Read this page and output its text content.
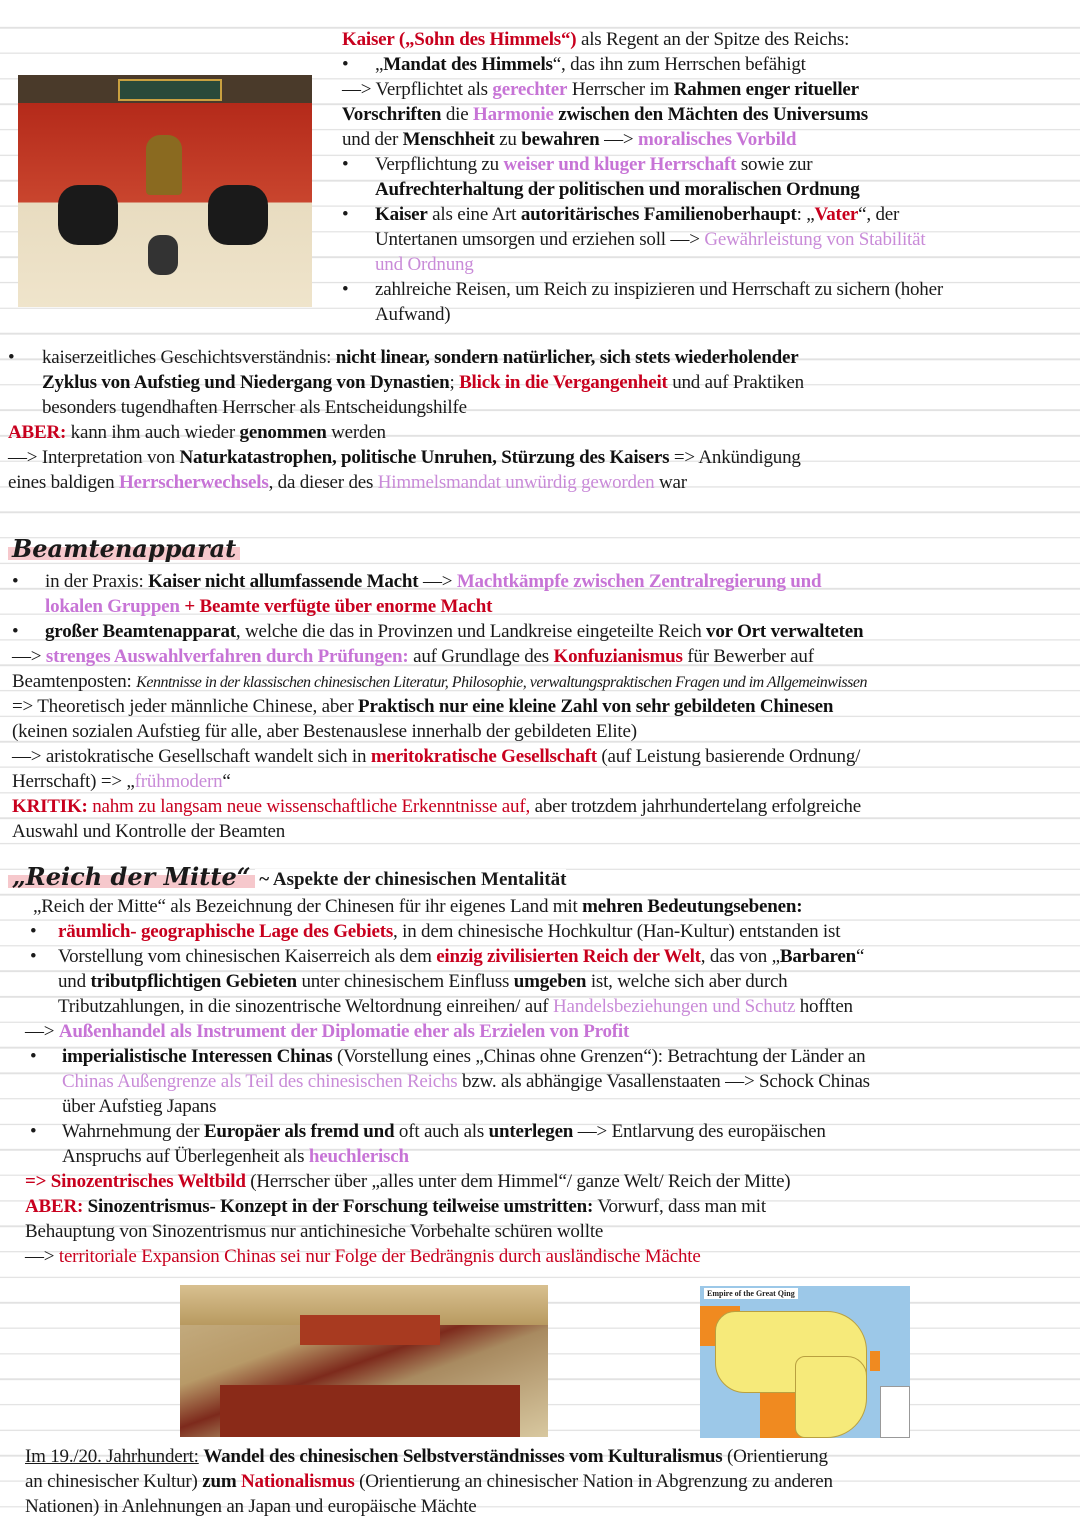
Beamtenapparat
„Reich der Mitte“ ~ Aspekte der chinesischen Mentalität
Empire of the Great Qing
Kaiser („Sohn des Himmels“) als Regent an der Spitze des Reichs:
• „Mandat des Himmels“, das ihn zum Herrschen befähigt
—> Verpflichtet als gerechter Herrscher im Rahmen enger ritueller
Vorschriften die Harmonie zwischen den Mächten des Universums
und der Menschheit zu bewahren —> moralisches Vorbild
• Verpflichtung zu weiser und kluger Herrschaft sowie zur
Aufrechterhaltung der politischen und moralischen Ordnung
• Kaiser als eine Art autoritärisches Familienoberhaupt: „Vater“, der
Untertanen umsorgen und erziehen soll —> Gewährleistung von Stabilität
und Ordnung
• zahlreiche Reisen, um Reich zu inspizieren und Herrschaft zu sichern (hoher
Aufwand)
• kaiserzeitliches Geschichtsverständnis: nicht linear, sondern natürlicher, sich stets wiederholender
Zyklus von Aufstieg und Niedergang von Dynastien; Blick in die Vergangenheit und auf Praktiken
besonders tugendhaften Herrscher als Entscheidungshilfe
ABER: kann ihm auch wieder genommen werden
—> Interpretation von Naturkatastrophen, politische Unruhen, Stürzung des Kaisers => Ankündigung
eines baldigen Herrscherwechsels, da dieser des Himmelsmandat unwürdig geworden war
• in der Praxis: Kaiser nicht allumfassende Macht —> Machtkämpfe zwischen Zentralregierung und
lokalen Gruppen + Beamte verfügte über enorme Macht
• großer Beamtenapparat, welche die das in Provinzen und Landkreise eingeteilte Reich vor Ort verwalteten
—> strenges Auswahlverfahren durch Prüfungen: auf Grundlage des Konfuzianismus für Bewerber auf
Beamtenposten: Kenntnisse in der klassischen chinesischen Literatur, Philosophie, verwaltungspraktischen Fragen und im Allgemeinwissen
=> Theoretisch jeder männliche Chinese, aber Praktisch nur eine kleine Zahl von sehr gebildeten Chinesen
(keinen sozialen Aufstieg für alle, aber Bestenauslese innerhalb der gebildeten Elite)
—> aristokratische Gesellschaft wandelt sich in meritokratische Gesellschaft (auf Leistung basierende Ordnung/
Herrschaft) => „frühmodern“
KRITIK: nahm zu langsam neue wissenschaftliche Erkenntnisse auf, aber trotzdem jahrhundertelang erfolgreiche
Auswahl und Kontrolle der Beamten
„Reich der Mitte“ als Bezeichnung der Chinesen für ihr eigenes Land mit mehren Bedeutungsebenen:
• räumlich- geographische Lage des Gebiets, in dem chinesische Hochkultur (Han-Kultur) entstanden ist
• Vorstellung vom chinesischen Kaiserreich als dem einzig zivilisierten Reich der Welt, das von „Barbaren“
und tributpflichtigen Gebieten unter chinesischem Einfluss umgeben ist, welche sich aber durch
Tributzahlungen, in die sinozentrische Weltordnung einreihen/ auf Handelsbeziehungen und Schutz hofften
—> Außenhandel als Instrument der Diplomatie eher als Erzielen von Profit
• imperialistische Interessen Chinas (Vorstellung eines „Chinas ohne Grenzen“): Betrachtung der Länder an
Chinas Außengrenze als Teil des chinesischen Reichs bzw. als abhängige Vasallenstaaten —> Schock Chinas
über Aufstieg Japans
• Wahrnehmung der Europäer als fremd und oft auch als unterlegen —> Entlarvung des europäischen
Anspruchs auf Überlegenheit als heuchlerisch
=> Sinozentrisches Weltbild (Herrscher über „alles unter dem Himmel“/ ganze Welt/ Reich der Mitte)
ABER: Sinozentrismus- Konzept in der Forschung teilweise umstritten: Vorwurf, dass man mit
Behauptung von Sinozentrismus nur antichinesiche Vorbehalte schüren wollte
—> territoriale Expansion Chinas sei nur Folge der Bedrängnis durch ausländische Mächte
Im 19./20. Jahrhundert: Wandel des chinesischen Selbstverständnisses vom Kulturalismus (Orientierung
an chinesischer Kultur) zum Nationalismus (Orientierung an chinesischer Nation in Abgrenzung zu anderen
Nationen) in Anlehnungen an Japan und europäische Mächte
